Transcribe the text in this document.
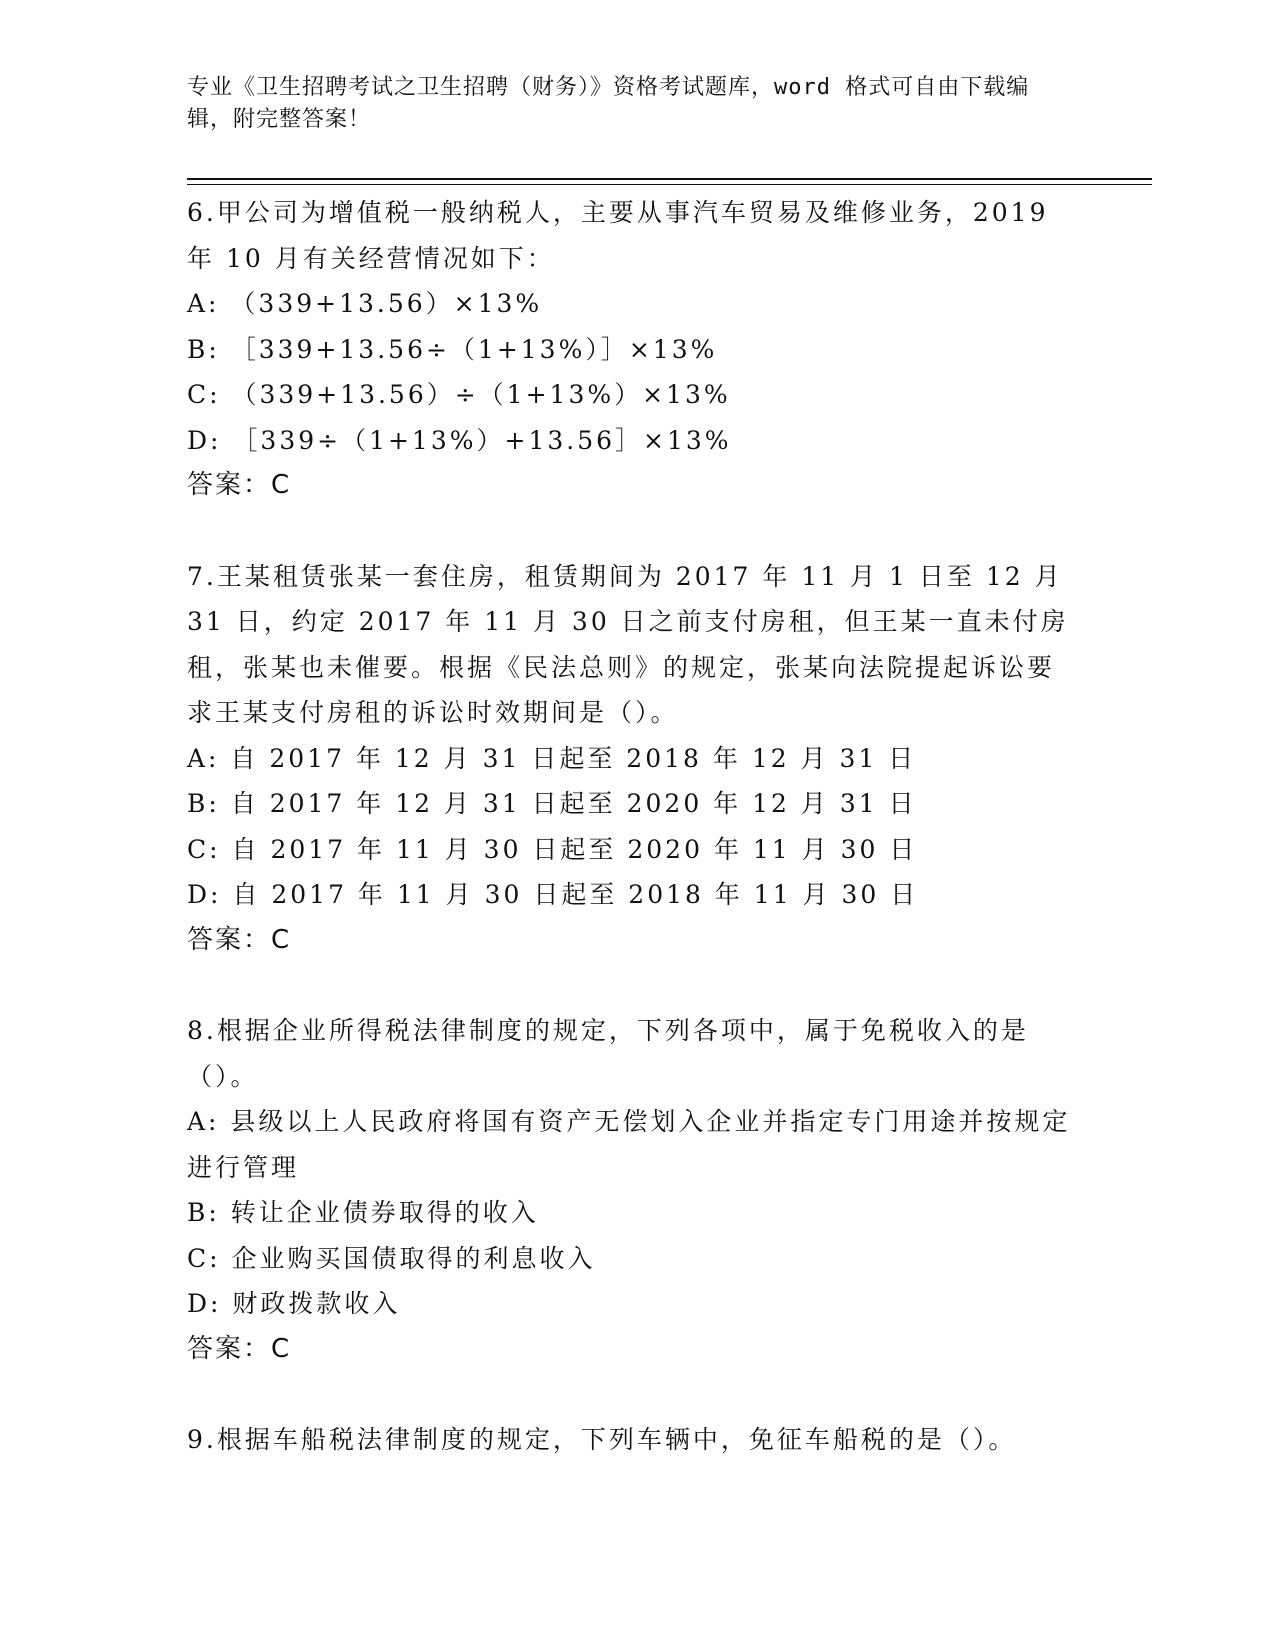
专业《卫生招聘考试之卫生招聘（财务）》资格考试题库，word 格式可自由下载编辑，附完整答案！
6.甲公司为增值税一般纳税人，主要从事汽车贸易及维修业务，2019 年 10 月有关经营情况如下：
A: （339+13.56）×13%
B: ［339+13.56÷（1+13%）］×13%
C: （339+13.56）÷（1+13%）×13%
D: ［339÷（1+13%）+13.56］×13%
答案：C
7.王某租赁张某一套住房，租赁期间为 2017 年 11 月 1 日至 12 月 31 日，约定 2017 年 11 月 30 日之前支付房租，但王某一直未付房租，张某也未催要。根据《民法总则》的规定，张某向法院提起诉讼要求王某支付房租的诉讼时效期间是（）。
A: 自 2017 年 12 月 31 日起至 2018 年 12 月 31 日
B: 自 2017 年 12 月 31 日起至 2020 年 12 月 31 日
C: 自 2017 年 11 月 30 日起至 2020 年 11 月 30 日
D: 自 2017 年 11 月 30 日起至 2018 年 11 月 30 日
答案：C
8.根据企业所得税法律制度的规定，下列各项中，属于免税收入的是（）。
A: 县级以上人民政府将国有资产无偿划入企业并指定专门用途并按规定进行管理
B: 转让企业债券取得的收入
C: 企业购买国债取得的利息收入
D: 财政拨款收入
答案：C
9.根据车船税法律制度的规定，下列车辆中，免征车船税的是（）。
